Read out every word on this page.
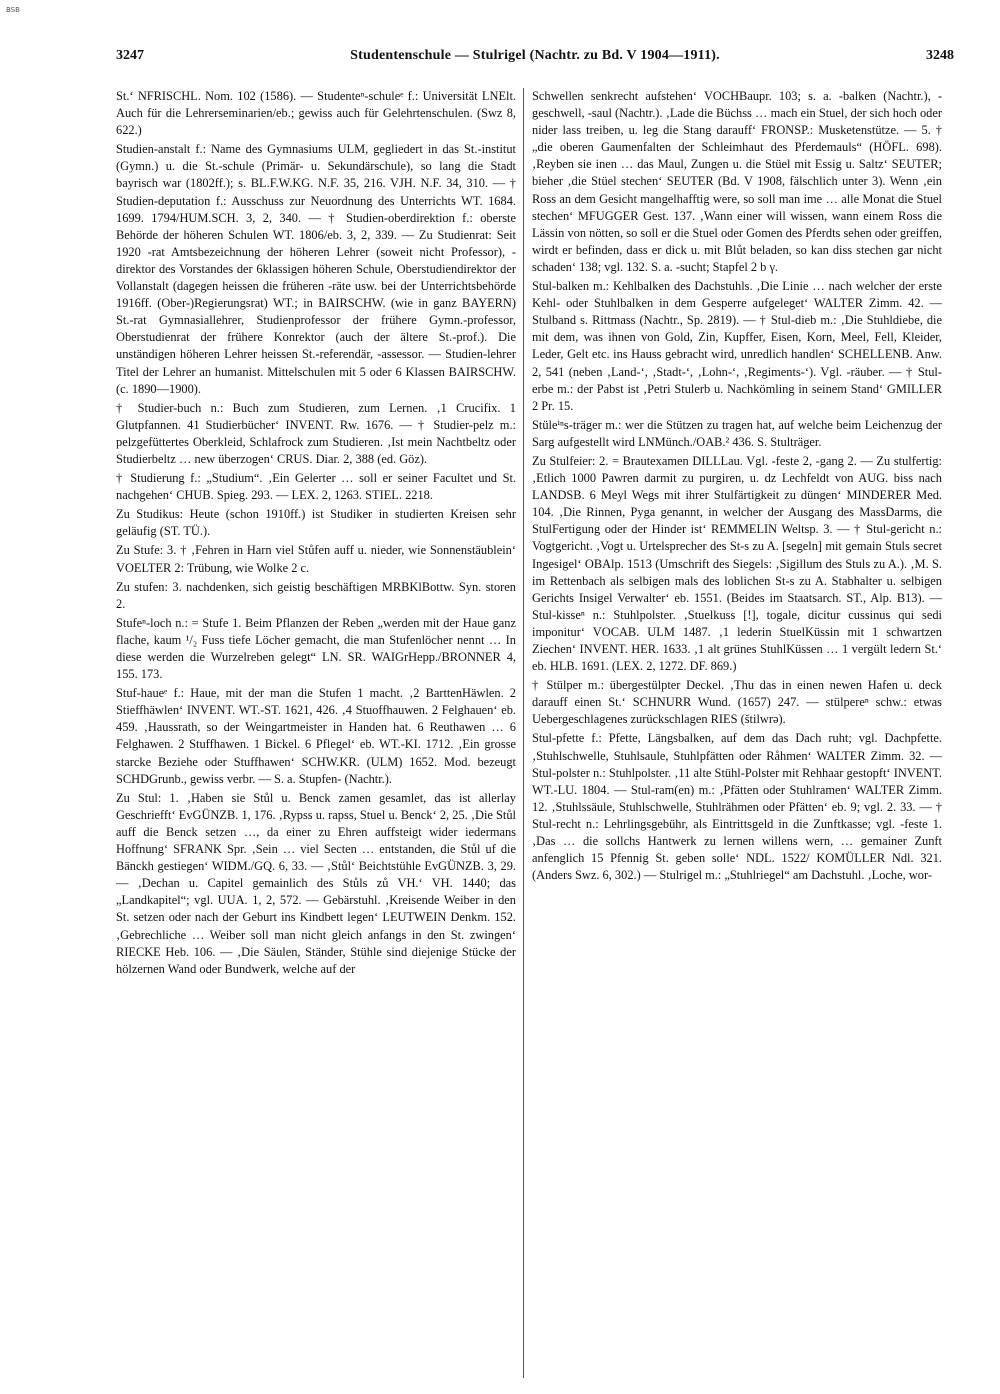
BSB
3247	Studentenschule — Stulrigel (Nachtr. zu Bd. V 1904—1911).	3248

St.‘ NFRISCHL. Nom. 102 (1586). — Studenteⁿ-schuleᵉ f.: Universität LNElt. Auch für die Lehrerseminarien/eb.; gewiss auch für Gelehrtenschulen. (Swz 8, 622.)

Studien-anstalt f.: Name des Gymnasiums ULM, gegliedert in das St.-institut (Gymn.) u. die St.-schule (Primär- u. Sekundärschule), so lang die Stadt bayrisch war (1802ff.); s. BL.F.W.KG. N.F. 35, 216. VJH. N.F. 34, 310. — † Studien-deputation f.: Ausschuss zur Neuordnung des Unterrichts WT. 1684. 1699. 1794/HUM.SCH. 3, 2, 340. — † Studien-oberdirektion f.: oberste Behörde der höheren Schulen WT. 1806/eb. 3, 2, 339. — Zu Studienrat: Seit 1920 -rat Amtsbezeichnung der höheren Lehrer (soweit nicht Professor), -direktor des Vorstandes der 6klassigen höheren Schule, Oberstudiendirektor der Vollanstalt (dagegen heissen die früheren -räte usw. bei der Unterrichtsbehörde 1916ff. (Ober-)Regierungsrat) WT.; in BAIRSCHW. (wie in ganz BAYERN) St.-rat Gymnasiallehrer, Studienprofessor der frühere Gymn.-professor, Oberstudienrat der frühere Konrektor (auch der ältere St.-prof.). Die unständigen höheren Lehrer heissen St.-referendär, -assessor. — Studien-lehrer Titel der Lehrer an humanist. Mittelschulen mit 5 oder 6 Klassen BAIRSCHW. (c. 1890—1900).

† Studier-buch n.: Buch zum Studieren, zum Lernen. ‚1 Crucifix. 1 Glutpfannen. 41 Studierbücher‘ INVENT. Rw. 1676. — † Studier-pelz m.: pelzgefüttertes Oberkleid, Schlafrock zum Studieren. ‚Ist mein Nachtbeltz oder Studierbeltz … new überzogen‘ CRUS. Diar. 2, 388 (ed. Göz).

† Studierung f.: „Studium“. ‚Ein Gelerter … soll er seiner Facultet und St. nachgehen‘ CHUB. Spieg. 293. — LEX. 2, 1263. STIEL. 2218.

Zu Studikus: Heute (schon 1910ff.) ist Studiker in studierten Kreisen sehr geläufig (ST. TÜ.).

Zu Stufe: 3. † ‚Fehren in Harn viel Stůfen auff u. nieder, wie Sonnenstäublein‘ VOELTER 2: Trübung, wie Wolke 2 c.

Zu stufen: 3. nachdenken, sich geistig beschäftigen MRBKlBottw. Syn. storen 2.

Stufeⁿ-loch n.: = Stufe 1. Beim Pflanzen der Reben „werden mit der Haue ganz flache, kaum ¹/₂ Fuss tiefe Löcher gemacht, die man Stufenlöcher nennt … In diese werden die Wurzelreben gelegt“ LN. SR. WAIGrHepp./BRONNER 4, 155. 173.

Stuf-haueᵉ f.: Haue, mit der man die Stufen 1 macht. ‚2 BarttenHäwlen. 2 Stieffhäwlen‘ INVENT. WT.-ST. 1621, 426. ‚4 Stuoffhauwen. 2 Felghauen‘ eb. 459. ‚Haussrath, so der Weingartmeister in Handen hat. 6 Reuthawen … 6 Felghawen. 2 Stuffhawen. 1 Bickel. 6 Pflegel‘ eb. WT.-KI. 1712. ‚Ein grosse starcke Beziehe oder Stuffhawen‘ SCHW.KR. (ULM) 1652. Mod. bezeugt SCHDGrunb., gewiss verbr. — S. a. Stupfen- (Nachtr.).

Zu Stul: 1. ‚Haben sie Stůl u. Benck zamen gesamlet, das ist allerlay Geschriefft‘ EvGÜNZB. 1, 176. ‚Rypss u. rapss, Stuel u. Benck‘ 2, 25. ‚Die Stůl auff die Benck setzen …, da einer zu Ehren auffsteigt wider iedermans Hoffnung‘ SFRANK Spr. ‚Sein … viel Secten … entstanden, die Stůl uf die Bänckh gestiegen‘ WIDM./GQ. 6, 33. — ‚Stůl‘ Beichtstühle EvGÜNZB. 3, 29. — ‚Dechan u. Capitel gemainlich des Stůls zů VH.‘ VH. 1440; das „Landkapitel“; vgl. UUA. 1, 2, 572. — Gebärstuhl. ‚Kreisende Weiber in den St. setzen oder nach der Geburt ins Kindbett legen‘ LEUTWEIN Denkm. 152. ‚Gebrechliche … Weiber soll man nicht gleich anfangs in den St. zwingen‘ RIECKE Heb. 106. — ‚Die Säulen, Ständer, Stühle sind diejenige Stücke der hölzernen Wand oder Bundwerk, welche auf der

Schwellen senkrecht aufstehen‘ VOCHBaupr. 103; s. a. -balken (Nachtr.), -geschwell, -saul (Nachtr.). ‚Lade die Büchss … mach ein Stuel, der sich hoch oder nider lass treiben, u. leg die Stang darauff‘ FRONSP.: Musketenstütze. — 5. † „die oberen Gaumenfalten der Schleimhaut des Pferdemauls“ (HÖFL. 698). ‚Reyben sie inen … das Maul, Zungen u. die Stüel mit Essig u. Saltz‘ SEUTER; bieher ‚die Stüel stechen‘ SEUTER (Bd. V 1908, fälschlich unter 3). Wenn ‚ein Ross an dem Gesicht mangelhafftig were, so soll man ime … alle Monat die Stuel stechen‘ MFUGGER Gest. 137. ‚Wann einer will wissen, wann einem Ross die Lässin von nötten, so soll er die Stuel oder Gomen des Pferdts sehen oder greiffen, wirdt er befinden, dass er dick u. mit Blůt beladen, so kan diss stechen gar nicht schaden‘ 138; vgl. 132. S. a. -sucht; Stapfel 2 b γ.

Stul-balken m.: Kehlbalken des Dachstuhls. ‚Die Linie … nach welcher der erste Kehl- oder Stuhlbalken in dem Gesperre aufgeleget‘ WALTER Zimm. 42. — Stulband s. Rittmass (Nachtr., Sp. 2819). — † Stul-dieb m.: ‚Die Stuhldiebe, die mit dem, was ihnen von Gold, Zin, Kupffer, Eisen, Korn, Meel, Fell, Kleider, Leder, Gelt etc. ins Hauss gebracht wird, unredlich handlen‘ SCHELLENB. Anw. 2, 541 (neben ‚Land-‘, ‚Stadt-‘, ‚Lohn-‘, ‚Regiments-‘). Vgl. -räuber. — † Stul-erbe m.: der Pabst ist ‚Petri Stulerb u. Nachkömling in seinem Stand‘ GMILLER 2 Pr. 15.

Stüleⁱⁿs-träger m.: wer die Stützen zu tragen hat, auf welche beim Leichenzug der Sarg aufgestellt wird LNMünch./OAB.² 436. S. Stulträger.

Zu Stulfeier: 2. = Brautexamen DILLLau. Vgl. -feste 2, -gang 2. — Zu stulfertig: ‚Etlich 1000 Pawren darmit zu purgiren, u. dz Lechfeldt von AUG. biss nach LANDSB. 6 Meyl Wegs mit ihrer Stulfärtigkeit zu düngen‘ MINDERER Med. 104. ‚Die Rinnen, Pyga genannt, in welcher der Ausgang des MassDarms, die StulFertigung oder der Hinder ist‘ REMMELIN Weltsp. 3. — † Stul-gericht n.: Vogtgericht. ‚Vogt u. Urtelsprecher des St-s zu A. [segeln] mit gemain Stuls secret Ingesigel‘ OBAlp. 1513 (Umschrift des Siegels: ‚Sigillum des Stuls zu A.). ‚M. S. im Rettenbach als selbigen mals des loblichen St-s zu A. Stabhalter u. selbigen Gerichts Insigel Verwalter‘ eb. 1551. (Beides im Staatsarch. ST., Alp. B13). — Stul-kisseⁿ n.: Stuhlpolster. ‚Stuelkuss [!], togale, dicitur cussinus qui sedi imponitur‘ VOCAB. ULM 1487. ‚1 lederin StuelKüssin mit 1 schwartzen Ziechen‘ INVENT. HER. 1633. ‚1 alt grünes StuhlKüssen … 1 vergült ledern St.‘ eb. HLB. 1691. (LEX. 2, 1272. DF. 869.)

† Stülper m.: übergestülpter Deckel. ‚Thu das in einen newen Hafen u. deck darauff einen St.‘ SCHNURR Wund. (1657) 247. — stülpereⁿ schw.: etwas Uebergeschlagenes zurückschlagen RIES (štilwrə).

Stul-pfette f.: Pfette, Längsbalken, auf dem das Dach ruht; vgl. Dachpfette. ‚Stuhlschwelle, Stuhlsaule, Stuhlpfätten oder Råhmen‘ WALTER Zimm. 32. — Stul-polster n.: Stuhlpolster. ‚11 alte Stühl-Polster mit Rehhaar gestopft‘ INVENT. WT.-LU. 1804. — Stul-ram(en) m.: ‚Pfätten oder Stuhlramen‘ WALTER Zimm. 12. ‚Stuhlssäule, Stuhlschwelle, Stuhlrähmen oder Pfätten‘ eb. 9; vgl. 2. 33. — † Stul-recht n.: Lehrlingsgebühr, als Eintrittsgeld in die Zunftkasse; vgl. -feste 1. ‚Das … die sollchs Hantwerk zu lernen willens wern, … gemainer Zunft anfenglich 15 Pfennig St. geben solle‘ NDL. 1522/ KOMÜLLER Ndl. 321. (Anders Swz. 6, 302.) — Stulrigel m.: „Stuhlriegel“ am Dachstuhl. ‚Loche, wor-
